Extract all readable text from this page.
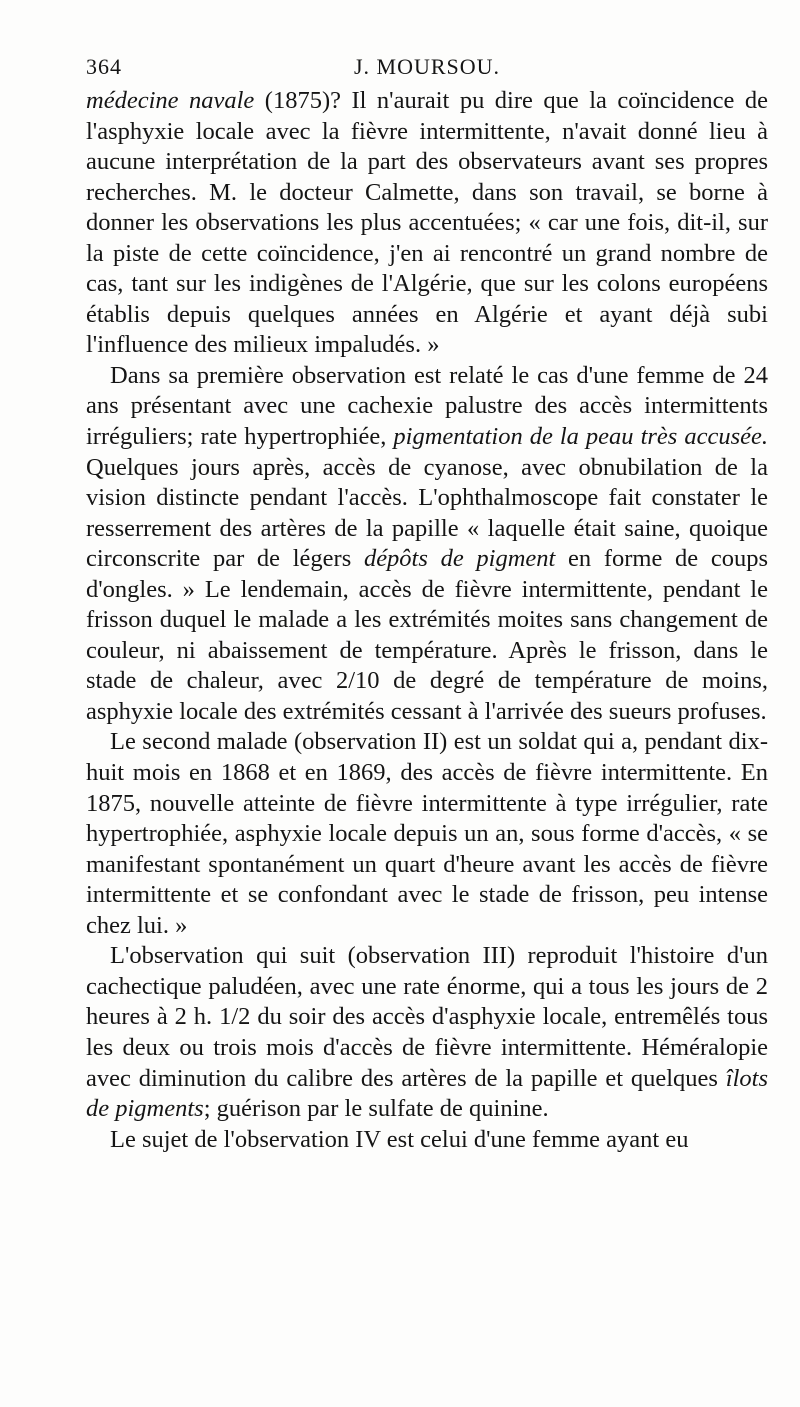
364	J. MOURSOU.

médecine navale (1875)? Il n'aurait pu dire que la coïncidence de l'asphyxie locale avec la fièvre intermittente, n'avait donné lieu à aucune interprétation de la part des observateurs avant ses propres recherches. M. le docteur Calmette, dans son travail, se borne à donner les observations les plus accentuées; « car une fois, dit-il, sur la piste de cette coïncidence, j'en ai rencontré un grand nombre de cas, tant sur les indigènes de l'Algérie, que sur les colons européens établis depuis quelques années en Algérie et ayant déjà subi l'influence des milieux impaludés. »

Dans sa première observation est relaté le cas d'une femme de 24 ans présentant avec une cachexie palustre des accès intermittents irréguliers; rate hypertrophiée, pigmentation de la peau très accusée. Quelques jours après, accès de cyanose, avec obnubilation de la vision distincte pendant l'accès. L'ophthalmoscope fait constater le resserrement des artères de la papille « laquelle était saine, quoique circonscrite par de légers dépôts de pigment en forme de coups d'ongles. » Le lendemain, accès de fièvre intermittente, pendant le frisson duquel le malade a les extrémités moites sans changement de couleur, ni abaissement de température. Après le frisson, dans le stade de chaleur, avec 2/10 de degré de température de moins, asphyxie locale des extrémités cessant à l'arrivée des sueurs profuses.

Le second malade (observation II) est un soldat qui a, pendant dix-huit mois en 1868 et en 1869, des accès de fièvre intermittente. En 1875, nouvelle atteinte de fièvre intermittente à type irrégulier, rate hypertrophiée, asphyxie locale depuis un an, sous forme d'accès, « se manifestant spontanément un quart d'heure avant les accès de fièvre intermittente et se confondant avec le stade de frisson, peu intense chez lui. »

L'observation qui suit (observation III) reproduit l'histoire d'un cachectique paludéen, avec une rate énorme, qui a tous les jours de 2 heures à 2 h. 1/2 du soir des accès d'asphyxie locale, entremêlés tous les deux ou trois mois d'accès de fièvre intermittente. Héméralopie avec diminution du calibre des artères de la papille et quelques îlots de pigments; guérison par le sulfate de quinine.

Le sujet de l'observation IV est celui d'une femme ayant eu
